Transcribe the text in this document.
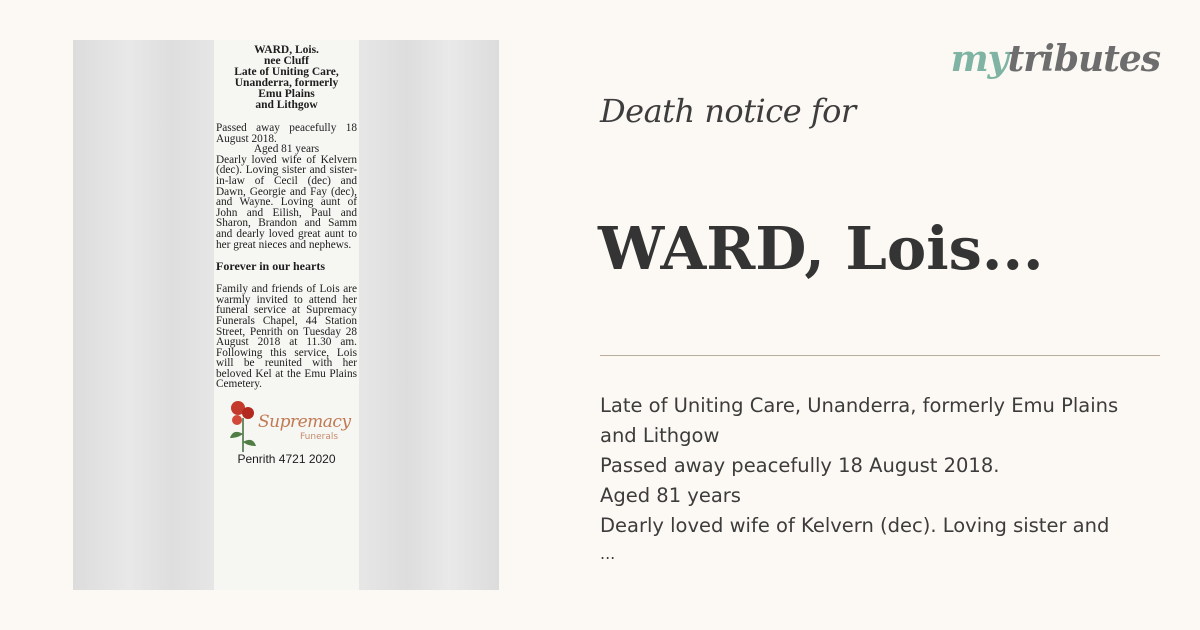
WARD, Lois.
nee Cluff
Late of Uniting Care,
Unanderra, formerly
Emu Plains
and Lithgow

Passed away peacefully 18 August 2018.

Aged 81 years

Dearly loved wife of Kelvern (dec). Loving sister and sister-in-law of Cecil (dec) and Dawn, Georgie and Fay (dec), and Wayne. Loving aunt of John and Eilish, Paul and Sharon, Brandon and Samm and dearly loved great aunt to her great nieces and nephews.

Forever in our hearts

Family and friends of Lois are warmly invited to attend her funeral service at Supremacy Funerals Chapel, 44 Station Street, Penrith on Tuesday 28 August 2018 at 11.30 am. Following this service, Lois will be reunited with her beloved Kel at the Emu Plains Cemetery.

Supremacy
Funerals
Penrith 4721 2020
mytributes
Death notice for
WARD, Lois...
Late of Uniting Care, Unanderra, formerly Emu Plains
and Lithgow
Passed away peacefully 18 August 2018.
Aged 81 years
Dearly loved wife of Kelvern (dec). Loving sister and
...
